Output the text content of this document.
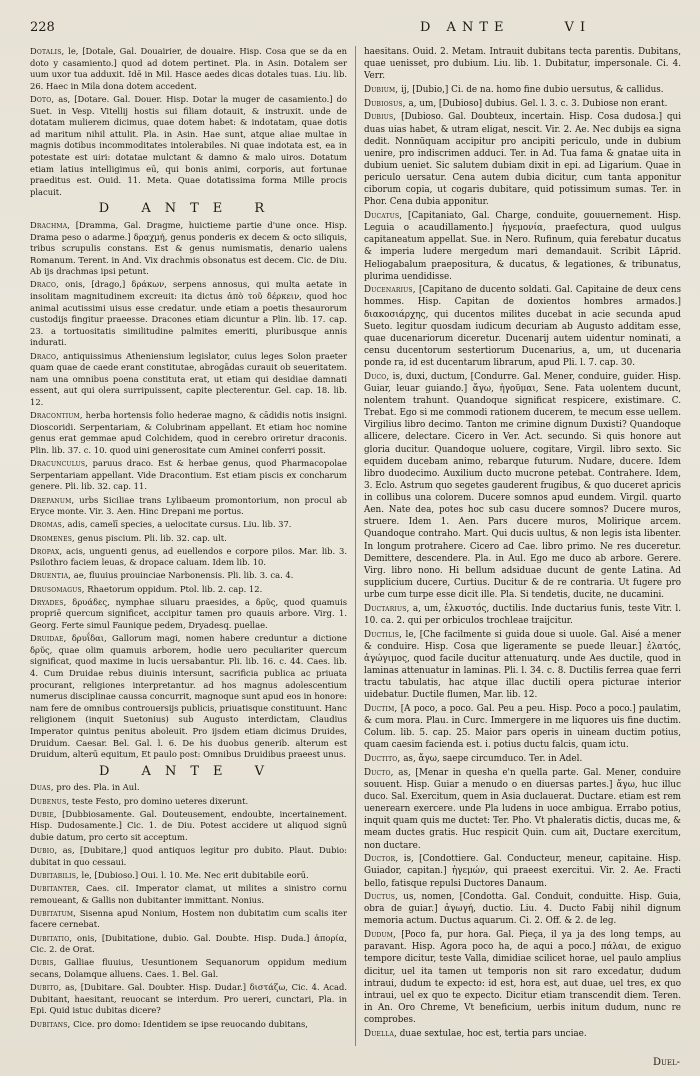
228	D ANTE	V I
Dotalis, le, [Dotale, Gal. Douairier, de douaire. Hisp. Cosa que se da en doto y casamiento.] quod ad dotem pertinet. Pla. in Asin. Dotalem ser uum uxor tua adduxit. Idē in Mil. Hasce aedes dicas dotales tuas. Liu. lib. 26. Haec in Mila dona dotem accedent.
Doto, as, [Dotare. Gal. Douer. Hisp. Dotar la muger de casamiento.] do Suet. in Vesp. Vitellij hostis sui filiam dotauit, & instruxit. unde de dotatam mulierem dicimus, quae dotem habet: & indotatam, quae dotis ad maritum nihil attulit. Pla. in Asin. Hae sunt, atque aliae multae in magnis dotibus incommoditates intolerabiles. Ni quae indotata est, ea in potestate est uiri: dotatae mulctant & damno & malo uiros. Dotatum etiam latius intelligimus eū, qui bonis animi, corporis, aut fortunae praeditus est. Ouid. 11. Meta. Quae dotatissima forma Mille procis placuit.
D ANTE R
Drachma, [Dramma, Gal. Dragme, huictieme partie d'une once. Hisp. Drama peso o adarme.] δραχμή, genus ponderis ex decem & octo siliquis, tribus scrupulis constans. Est & genus numismatis, denario ualens Romanum. Terent. in And. Vix drachmis obsonatus est decem. Cic. de Diu. Ab ijs drachmas ipsi petunt.
Draco, onis, [drago,] δράκων, serpens annosus, qui multa aetate in insolitam magnitudinem excreuit: ita dictus ἀπὸ τοῦ δέρκειν, quod hoc animal acutissimi uisus esse credatur. unde etiam a poetis thesaurorum custodijs fingitur praeesse. Dracones etiam dicuntur a Plin. lib. 17. cap. 23. a tortuositatis similitudine palmites emeriti, pluribusque annis indurati.
Draco, antiquissimus Atheniensium legislator, cuius leges Solon praeter quam quae de caede erant constitutae, abrogādas curauit ob seueritatem. nam una omnibus poena constituta erat, ut etiam qui desidiae damnati essent, aut qui olera surripuissent, capite plecterentur. Gel. cap. 18. lib. 12.
Dracontium, herba hortensis folio hederae magno, & cādidis notis insigni. Dioscoridi. Serpentariam, & Colubrinam appellant. Et etiam hoc nomine genus erat gemmae apud Colchidem, quod in cerebro oriretur draconis. Plin. lib. 37. c. 10. quod uini generositate cum Aminei conferri possit.
Dracunculus, paruus draco. Est & herbae genus, quod Pharmacopolae Serpentariam appellant. Vide Dracontium. Est etiam piscis ex concharum genere. Pli. lib. 32. cap. 11.
Drepanum, urbs Siciliae trans Lylibaeum promontorium, non procul ab Eryce monte. Vir. 3. Aen. Hinc Drepani me portus.
Dromas, adis, camelī species, a uelocitate cursus. Liu. lib. 37.
Dromenes, genus piscium. Pli. lib. 32. cap. ult.
Dropax, acis, unguenti genus, ad euellendos e corpore pilos. Mar. lib. 3. Psilothro faciem leuas, & dropace caluam. Idem lib. 10.
Druentia, ae, fluuius prouinciae Narbonensis. Pli. lib. 3. ca. 4.
Drusomagus, Rhaetorum oppidum. Ptol. lib. 2. cap. 12.
Dryades, δρυάδες, nymphae siluaru praesides, a δρῦς, quod quamuis propriē quercum significet, accipitur tamen pro quauis arbore. Virg. 1. Georg. Ferte simul Faunique pedem, Dryadesq. puellae.
Druidae, δρυΐδαι, Gallorum magi, nomen habere creduntur a dictione δρῦς, quae olim quamuis arborem, hodie uero peculiariter quercum significat, quod maxime in lucis uersabantur. Pli. lib. 16. c. 44. Caes. lib. 4. Cum Druidae rebus diuinis intersunt, sacrificia publica ac priuata procurant, religiones interpretantur. ad hos magnus adolescentium numerus disciplinae caussa concurrit, magnoque sunt apud eos in honore: nam fere de omnibus controuersijs publicis, priuatisque constituunt. Hanc religionem (inquit Suetonius) sub Augusto interdictam, Claudius Imperator quintus penitus aboleuit. Pro ijsdem etiam dicimus Druides, Druidum. Caesar. Bel. Gal. l. 6. De his duobus generib. alterum est Druidum, alterū equitum, Et paulo post: Omnibus Druidibus praeest unus.
D ANTE V
Duas, pro des. Pla. in Aul.
Dubenus, teste Festo, pro domino ueteres dixerunt.
Dubie, [Dubbiosamente. Gal. Douteusement, endoubte, incertainement. Hisp. Dudosamente.] Cic. 1. de Diu. Potest accidere ut aliquod signū dubie datum, pro certo sit acceptum.
Dubio, as, [Dubitare,] quod antiquos legitur pro dubito. Plaut. Dubio: dubitat in quo cessaui.
Dubitabilis, le, [Dubioso.] Oui. l. 10. Me. Nec erit dubitabile eorū.
Dubitanter, Caes. ciI. Imperator clamat, ut milites a sinistro cornu remoueant, & Gallis non dubitanter immittant. Nonius.
Dubitatum, Sisenna apud Nonium, Hostem non dubitatim cum scalis iter facere cernebat.
Dubitatio, onis, [Dubitatione, dubio. Gal. Doubte. Hisp. Duda.] ἀπορία, Cic. 2. de Orat.
Dubis, Galliae fluuius, Uesuntionem Sequanorum oppidum medium secans, Dolamque alluens. Caes. 1. Bel. Gal.
Dubito, as, [Dubitare. Gal. Doubter. Hisp. Dudar.] διστάζω, Cic. 4. Acad. Dubitant, haesitant, reuocant se interdum. Pro uereri, cunctari, Pla. in Epi. Quid istuc dubitas dicere?
Dubitans, Cice. pro domo: Identidem se ipse reuocando dubitans,
haesitans. Ouid. 2. Metam. Intrauit dubitans tecta parentis. Dubitans, quae uenisset, pro dubium. Liu. lib. 1. Dubitatur, impersonale. Ci. 4. Verr.
Dubium, ij, [Dubio,] Ci. de na. homo fine dubio uersutus, & callidus.
Dubiosus, a, um, [Dubioso] dubius. Gel. l. 3. c. 3. Dubiose non erant.
Dubius, [Dubioso. Gal. Doubteux, incertain. Hisp. Cosa dudosa.] qui duas uias habet, & utram eligat, nescit. Vir. 2. Ae. Nec dubijs ea signa dedit. Nonnūquam accipitur pro ancipiti periculo, unde in dubium uenire, pro indiscrimen adduci. Ter. in Ad. Tua fama & gnatae uita in dubium ueniet. Sic salutem dubiam dixit in epi. ad Ligarium. Quae in periculo uersatur. Cena autem dubia dicitur, cum tanta apponitur ciborum copia, ut cogaris dubitare, quid potissimum sumas. Ter. in Phor. Cena dubia apponitur.
Ducatus, [Capitaniato, Gal. Charge, conduite, gouuernement. Hisp. Leguia o acaudillamento.] ἡγεμονία, praefectura, quod uulgus capitaneatum appellat. Sue. in Nero. Rufinum, quia ferebatur ducatus & imperia ludere mergedum mari demandauit. Scribit Lāprid. Heliogabalum praepositura, & ducatus, & legationes, & tribunatus, plurima uendidisse.
Ducenarius, [Capitano de ducento soldati. Gal. Capitaine de deux cens hommes. Hisp. Capitan de doxientos hombres armados.] διακοσιάρχης, qui ducentos milites ducebat in acie secunda apud Sueto. legitur quosdam iudicum decuriam ab Augusto additam esse, quae ducenariorum diceretur. Ducenarij autem uidentur nominati, a censu ducentorum sestertiorum Ducenarius, a, um, ut ducenaria ponde ra, id est ducentarum librarum, apud Pli. l. 7. cap. 30.
Duco, is, duxi, ductum, [Condurre. Gal. Mener, conduire, guider. Hisp. Guiar, leuar guiando.] ἄγω, ἡγοῦμαι, Sene. Fata uolentem ducunt, nolentem trahunt. Quandoque significat respicere, existimare. C. Trebat. Ego si me commodi rationem ducerem, te mecum esse uellem. Virgilius libro decimo. Tanton me crimine dignum Duxisti? Quandoque allicere, delectare. Cicero in Ver. Act. secundo. Si quis honore aut gloria ducitur. Quandoque uoluere, cogitare, Virgil. libro sexto. Sic equidem ducebam animo, rebarque futurum. Nudare, ducere. Idem libro duodecimo. Auxilium ducto mucrone petebat. Contrahere. Idem, 3. Eclo. Astrum quo segetes gauderent frugibus, & quo duceret apricis in collibus una colorem. Ducere somnos apud eundem. Virgil. quarto Aen. Nate dea, potes hoc sub casu ducere somnos? Ducere muros, struere. Idem 1. Aen. Pars ducere muros, Molirique arcem. Quandoque contraho. Mart. Qui ducis uultus, & non legis ista libenter. In longum protrahere. Cicero ad Cae. libro primo. Ne res duceretur. Demittere, descendere. Pla. in Aul. Ego me duco ab arbore. Gerere. Virg. libro nono. Hi bellum adsiduae ducunt de gente Latina. Ad supplicium ducere, Curtius. Ducitur & de re contraria. Ut fugere pro urbe cum turpe esse dicit ille. Pla. Si tendetis, ducite, ne ducamini.
Ductarius, a, um, ἑλκυστός, ductilis. Inde ductarius funis, teste Vitr. l. 10. ca. 2. qui per orbiculos trochleae traijcitur.
Ductilis, le, [Che facilmente si guida doue si uuole. Gal. Aisé a mener & conduire. Hisp. Cosa que ligeramente se puede lleuar.] ἐλατός, ἀγώγιμος, quod facile ducitur attenuaturq. unde Aes ductile, quod in laminas attenuatur in laminas. Pli. l. 34. c. 8. Ductilis ferrea quae ferri tractu tabulatis, hac atque illac ductili opera picturae interior uidebatur. Ductile flumen, Mar. lib. 12.
Ductim, [A poco, a poco. Gal. Peu a peu. Hisp. Poco a poco.] paulatim, & cum mora. Plau. in Curc. Immergere in me liquores uis fine ductim. Colum. lib. 5. cap. 25. Maior pars operis in uineam ductim potius, quam caesim facienda est. i. potius ductu falcis, quam ictu.
Ductito, as, ἄγω, saepe circumduco. Ter. in Adel.
Ducto, as, [Menar in quesha e'n quella parte. Gal. Mener, conduire souuent. Hisp. Guiar a menudo o en diuersas partes.] ἄγω, huc illuc duco. Sal. Exercitum, quem in Asia duclauerat. Ductare. etiam est rem uenerearn exercere. unde Pla ludens in uoce ambigua. Errabo potius, inquit quam quis me ductet: Ter. Pho. Vt phaleratis dictis, ducas me, & meam ductes gratis. Huc respicit Quin. cum ait, Ductare exercitum, non ductare.
Ductor, is, [Condottiere. Gal. Conducteur, meneur, capitaine. Hisp. Guiador, capitan.] ἡγεμών, qui praeest exercitui. Vir. 2. Ae. Fracti bello, fatisque repulsi Ductores Danaum.
Ductus, us, nomen, [Condotta. Gal. Conduit, conduitte. Hisp. Guia, obra de guiar.] ἀγωγή, ductio. Liu. 4. Ducto Fabij nihil dignum memoria actum. Ductus aquarum. Ci. 2. Off. & 2. de leg.
Dudum, [Poco fa, pur hora. Gal. Pieça, il ya ja des long temps, au paravant. Hisp. Agora poco ha, de aqui a poco.] πάλαι, de exiguo tempore dicitur, teste Valla, dimidiae scilicet horae, uel paulo amplius dicitur, uel ita tamen ut temporis non sit raro excedatur, dudum intraui, dudum te expecto: id est, hora est, aut duae, uel tres, ex quo intraui, uel ex quo te expecto. Dicitur etiam transcendit diem. Teren. in An. Oro Chreme, Vt beneficium, uerbis initum dudum, nunc re comprobes.
Duella, duae sextulae, hoc est, tertia pars unciae.
Duel-
